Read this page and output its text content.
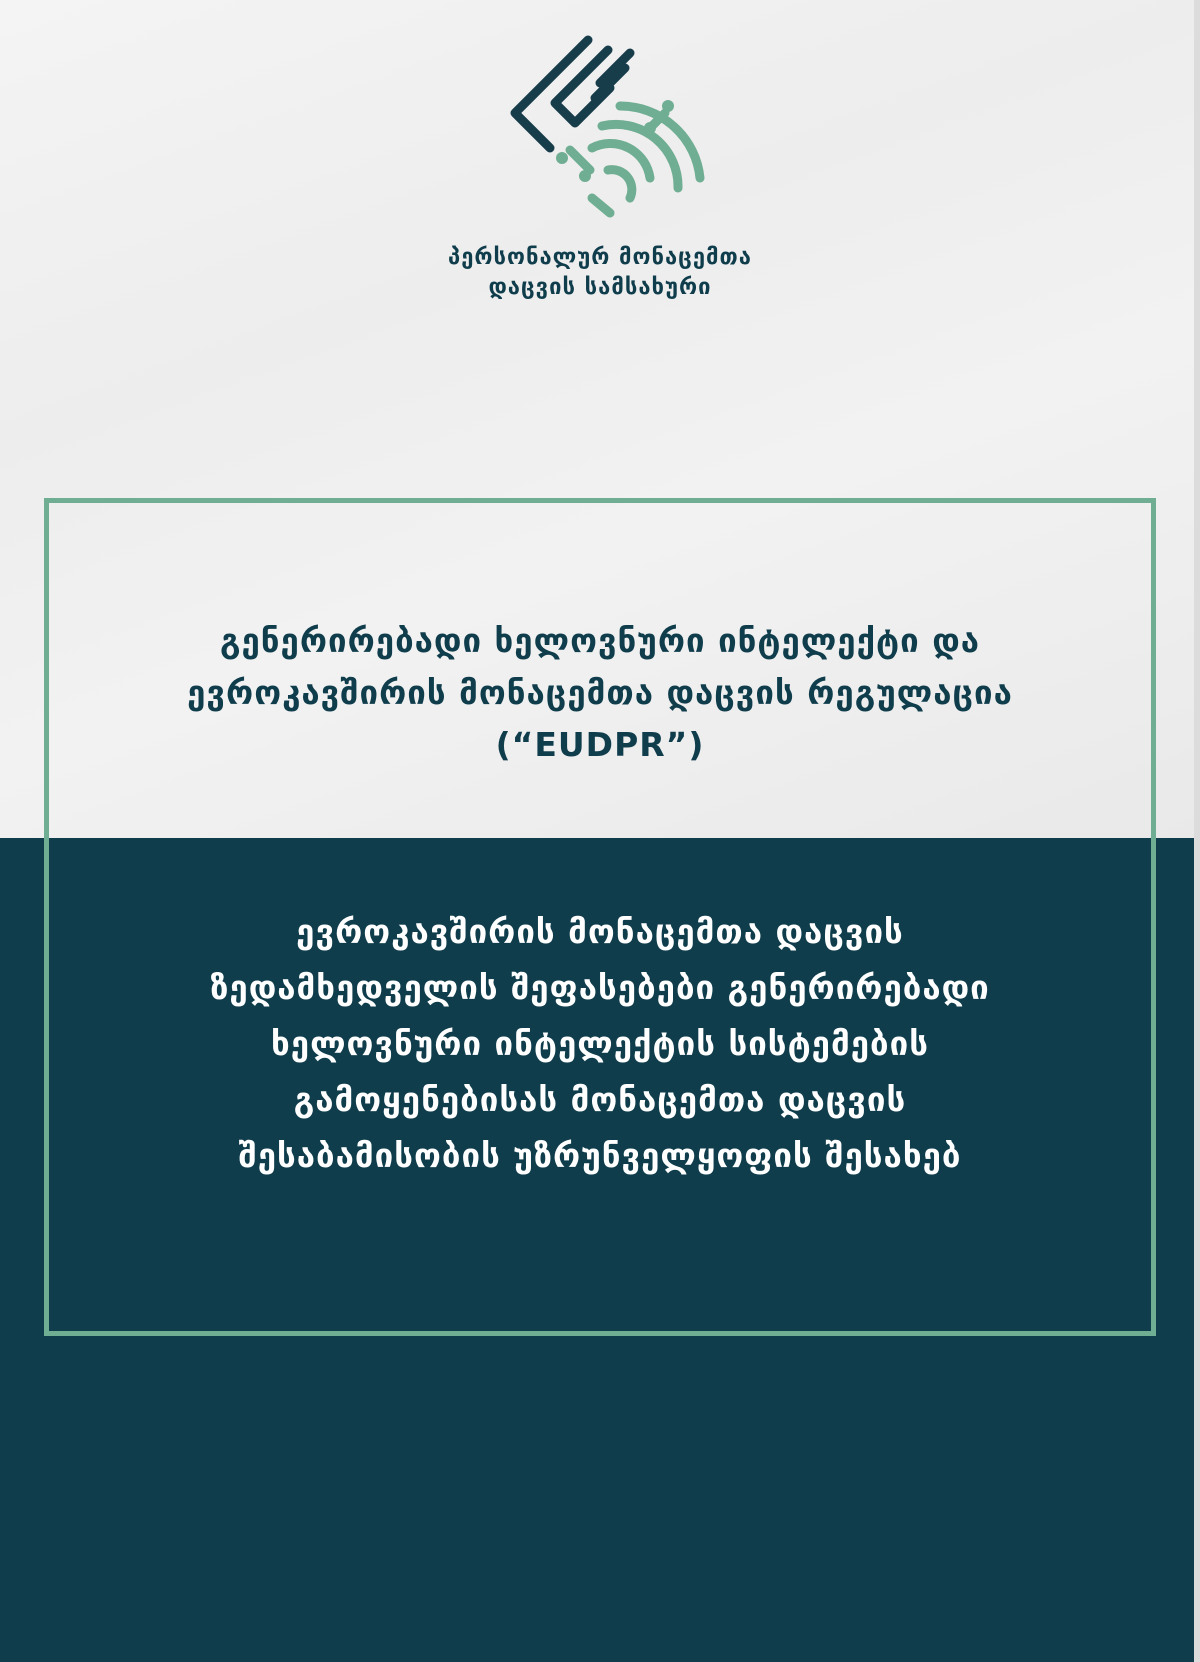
პერსონალურ მონაცემთა
დაცვის სამსახური
გენერირებადი ხელოვნური ინტელექტი და
ევროკავშირის მონაცემთა დაცვის რეგულაცია
(“EUDPR”)
ევროკავშირის მონაცემთა დაცვის
ზედამხედველის შეფასებები გენერირებადი
ხელოვნური ინტელექტის სისტემების
გამოყენებისას მონაცემთა დაცვის
შესაბამისობის უზრუნველყოფის შესახებ
